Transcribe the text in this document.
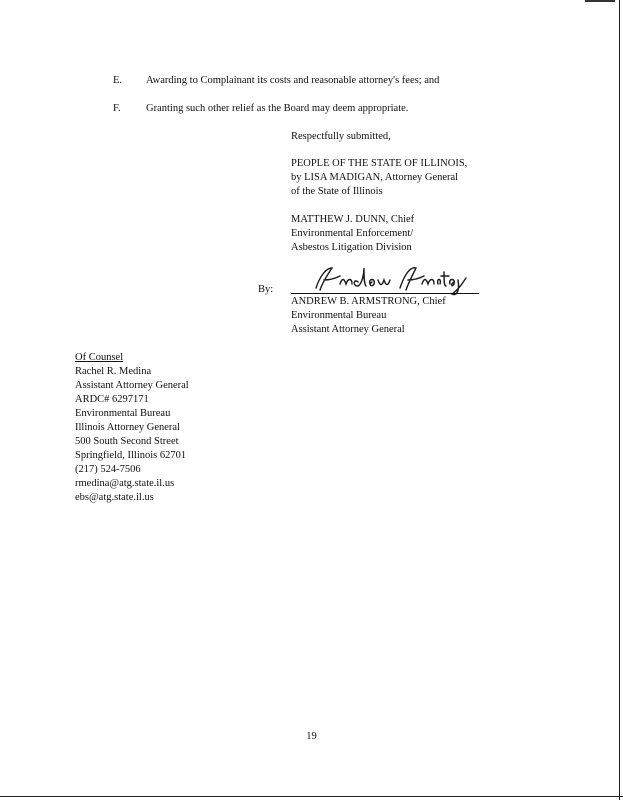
E. Awarding to Complainant its costs and reasonable attorney's fees; and
F. Granting such other relief as the Board may deem appropriate.
Respectfully submitted,
PEOPLE OF THE STATE OF ILLINOIS,
by LISA MADIGAN, Attorney General
of the State of Illinois
MATTHEW J. DUNN, Chief
Environmental Enforcement/
Asbestos Litigation Division
By:
ANDREW B. ARMSTRONG, Chief
Environmental Bureau
Assistant Attorney General
Of Counsel
Rachel R. Medina
Assistant Attorney General
ARDC# 6297171
Environmental Bureau
Illinois Attorney General
500 South Second Street
Springfield, Illinois 62701
(217) 524-7506
rmedina@atg.state.il.us
ebs@atg.state.il.us
19
